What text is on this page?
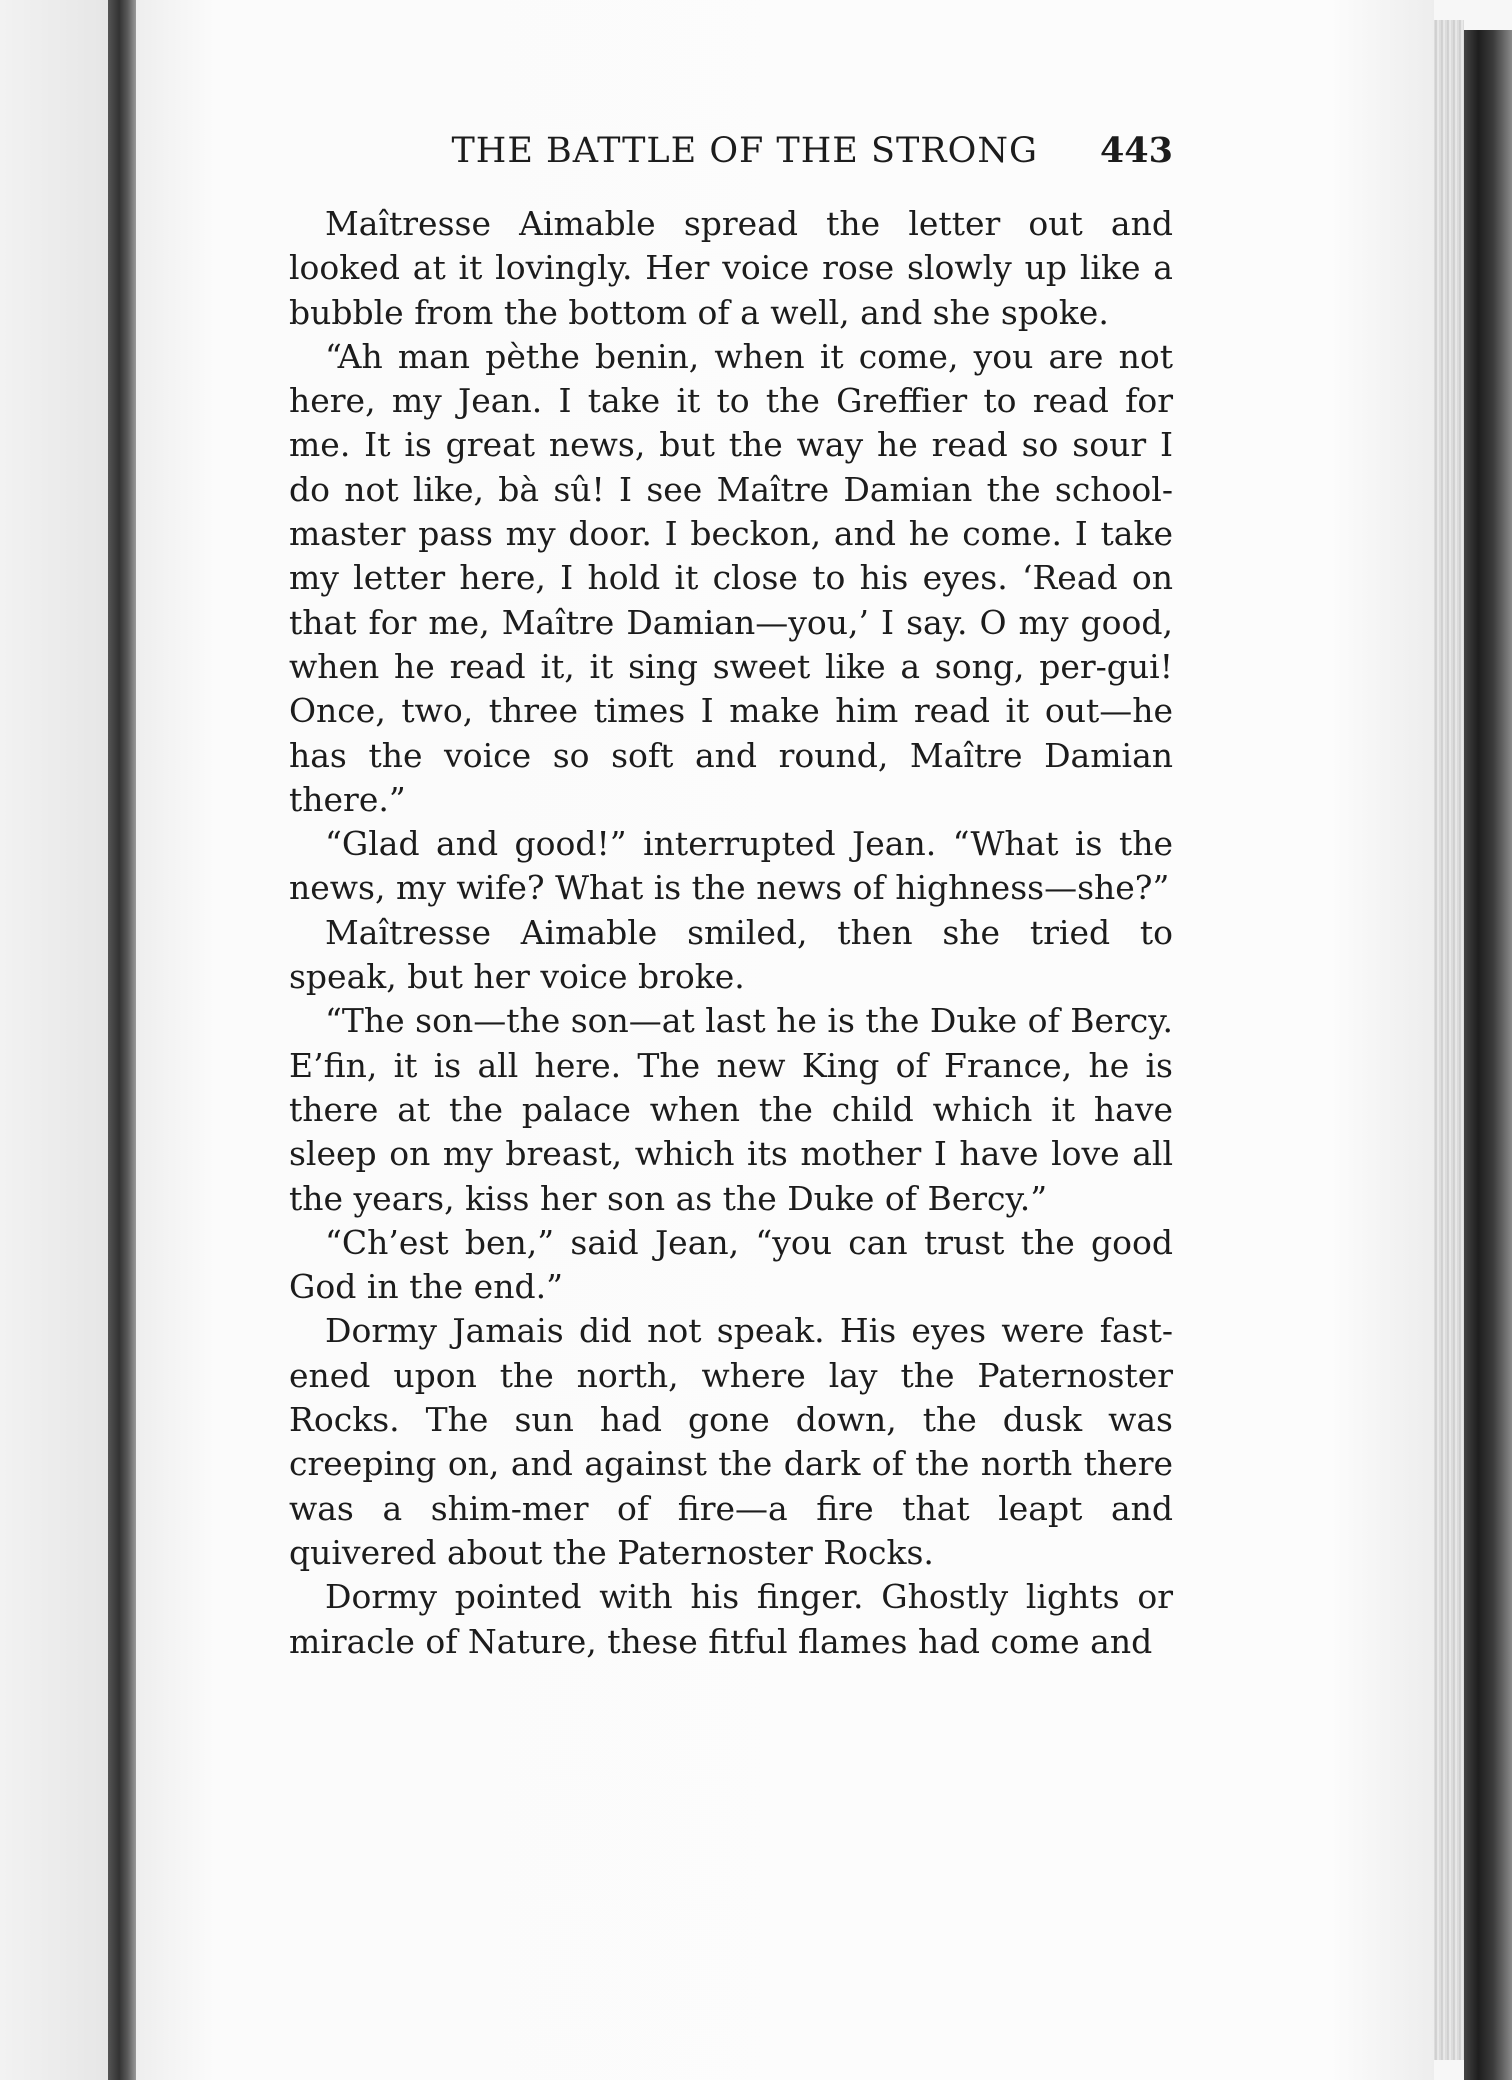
THE BATTLE OF THE STRONG 443

Maîtresse Aimable spread the letter out and looked at it lovingly. Her voice rose slowly up like a bubble from the bottom of a well, and she spoke.

“Ah man pèthe benin, when it come, you are not here, my Jean. I take it to the Greffier to read for me. It is great news, but the way he read so sour I do not like, bà sû! I see Maître Damian the school-master pass my door. I beckon, and he come. I take my letter here, I hold it close to his eyes. ‘Read on that for me, Maître Damian—you,’ I say. O my good, when he read it, it sing sweet like a song, per-gui! Once, two, three times I make him read it out—he has the voice so soft and round, Maître Damian there.”

“Glad and good!” interrupted Jean. “What is the news, my wife? What is the news of highness—she?”

Maîtresse Aimable smiled, then she tried to speak, but her voice broke.

“The son—the son—at last he is the Duke of Bercy. E’fin, it is all here. The new King of France, he is there at the palace when the child which it have sleep on my breast, which its mother I have love all the years, kiss her son as the Duke of Bercy.”

“Ch’est ben,” said Jean, “you can trust the good God in the end.”

Dormy Jamais did not speak. His eyes were fast-ened upon the north, where lay the Paternoster Rocks. The sun had gone down, the dusk was creeping on, and against the dark of the north there was a shim-mer of fire—a fire that leapt and quivered about the Paternoster Rocks.

Dormy pointed with his finger. Ghostly lights or miracle of Nature, these fitful flames had come and
